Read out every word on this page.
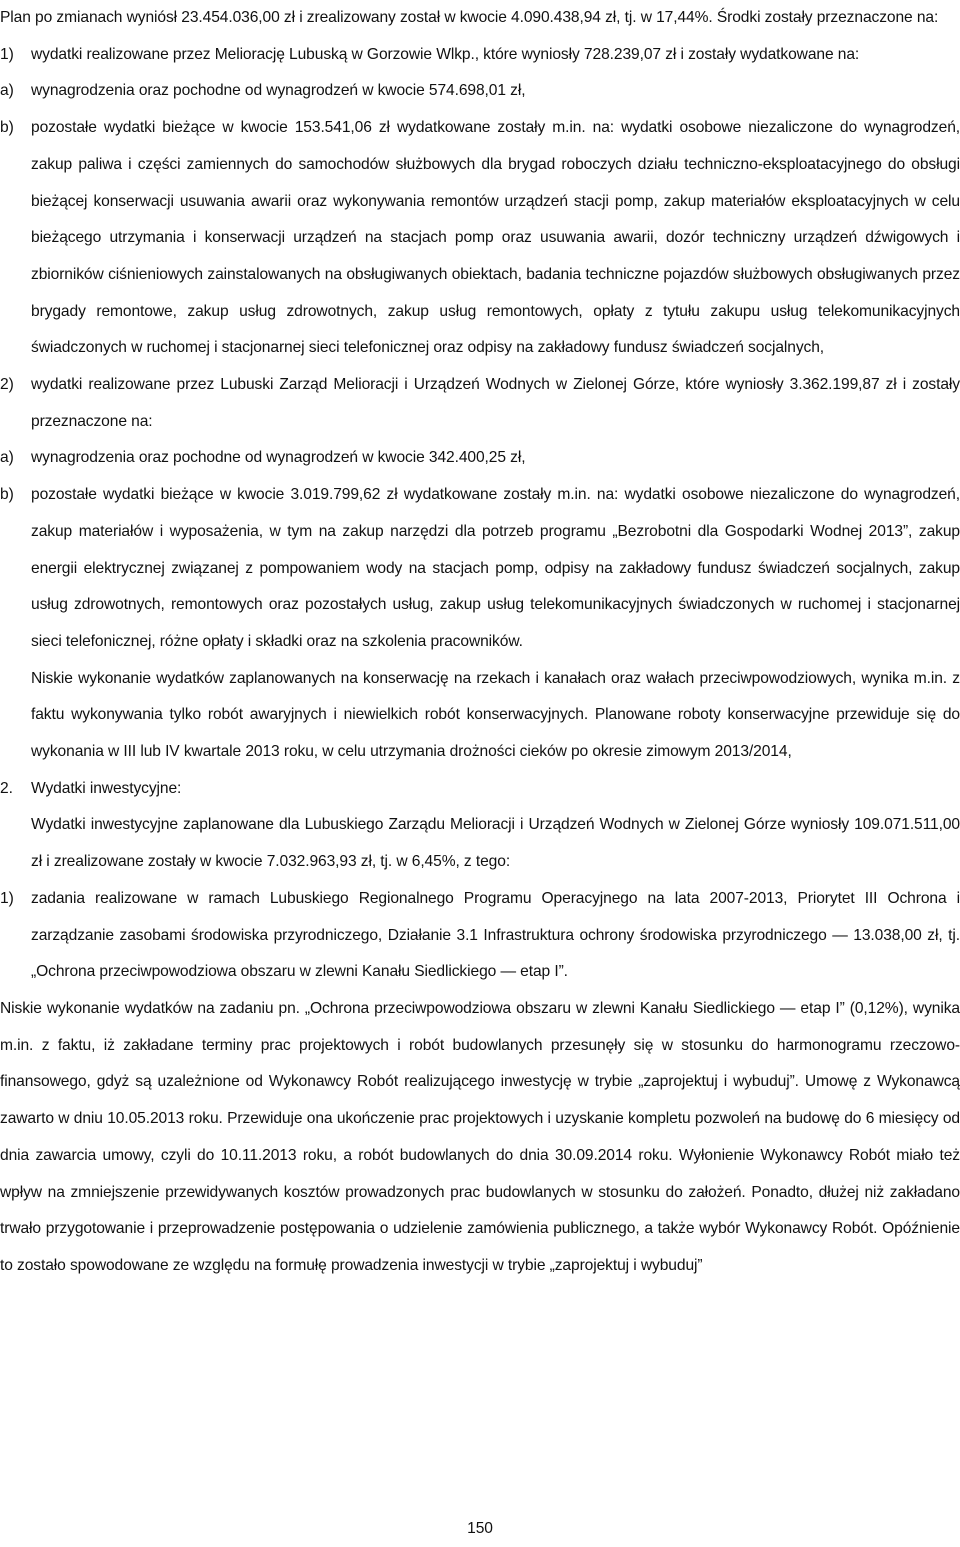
Plan po zmianach wyniósł 23.454.036,00 zł i zrealizowany został w kwocie 4.090.438,94 zł, tj. w 17,44%. Środki zostały przeznaczone na:

1) wydatki realizowane przez Meliorację Lubuską w Gorzowie Wlkp., które wyniosły 728.239,07 zł i zostały wydatkowane na:
a) wynagrodzenia oraz pochodne od wynagrodzeń w kwocie 574.698,01 zł,
b) pozostałe wydatki bieżące w kwocie 153.541,06 zł wydatkowane zostały m.in. na: wydatki osobowe niezaliczone do wynagrodzeń, zakup paliwa i części zamiennych do samochodów służbowych dla brygad roboczych działu techniczno-eksploatacyjnego do obsługi bieżącej konserwacji usuwania awarii oraz wykonywania remontów urządzeń stacji pomp, zakup materiałów eksploatacyjnych w celu bieżącego utrzymania i konserwacji urządzeń na stacjach pomp oraz usuwania awarii, dozór techniczny urządzeń dźwigowych i zbiorników ciśnieniowych zainstalowanych na obsługiwanych obiektach, badania techniczne pojazdów służbowych obsługiwanych przez brygady remontowe, zakup usług zdrowotnych, zakup usług remontowych, opłaty z tytułu zakupu usług telekomunikacyjnych świadczonych w ruchomej i stacjonarnej sieci telefonicznej oraz odpisy na zakładowy fundusz świadczeń socjalnych,
2) wydatki realizowane przez Lubuski Zarząd Melioracji i Urządzeń Wodnych w Zielonej Górze, które wyniosły 3.362.199,87 zł i zostały przeznaczone na:
a) wynagrodzenia oraz pochodne od wynagrodzeń w kwocie 342.400,25 zł,
b) pozostałe wydatki bieżące w kwocie 3.019.799,62 zł wydatkowane zostały m.in. na: wydatki osobowe niezaliczone do wynagrodzeń, zakup materiałów i wyposażenia, w tym na zakup narzędzi dla potrzeb programu „Bezrobotni dla Gospodarki Wodnej 2013”, zakup energii elektrycznej związanej z pompowaniem wody na stacjach pomp, odpisy na zakładowy fundusz świadczeń socjalnych, zakup usług zdrowotnych, remontowych oraz pozostałych usług, zakup usług telekomunikacyjnych świadczonych w ruchomej i stacjonarnej sieci telefonicznej, różne opłaty i składki oraz na szkolenia pracowników.

Niskie wykonanie wydatków zaplanowanych na konserwację na rzekach i kanałach oraz wałach przeciwpowodziowych, wynika m.in. z faktu wykonywania tylko robót awaryjnych i niewielkich robót konserwacyjnych. Planowane roboty konserwacyjne przewiduje się do wykonania w III lub IV kwartale 2013 roku, w celu utrzymania drożności cieków po okresie zimowym 2013/2014,

2. Wydatki inwestycyjne:

Wydatki inwestycyjne zaplanowane dla Lubuskiego Zarządu Melioracji i Urządzeń Wodnych w Zielonej Górze wyniosły 109.071.511,00 zł i zrealizowane zostały w kwocie 7.032.963,93 zł, tj. w 6,45%, z tego:

1) zadania realizowane w ramach Lubuskiego Regionalnego Programu Operacyjnego na lata 2007-2013, Priorytet III Ochrona i zarządzanie zasobami środowiska przyrodniczego, Działanie 3.1 Infrastruktura ochrony środowiska przyrodniczego — 13.038,00 zł, tj. „Ochrona przeciwpowodziowa obszaru w zlewni Kanału Siedlickiego — etap I”.

Niskie wykonanie wydatków na zadaniu pn. „Ochrona przeciwpowodziowa obszaru w zlewni Kanału Siedlickiego — etap I” (0,12%), wynika m.in. z faktu, iż zakładane terminy prac projektowych i robót budowlanych przesunęły się w stosunku do harmonogramu rzeczowo-finansowego, gdyż są uzależnione od Wykonawcy Robót realizującego inwestycję w trybie „zaprojektuj i wybuduj”. Umowę z Wykonawcą zawarto w dniu 10.05.2013 roku. Przewiduje ona ukończenie prac projektowych i uzyskanie kompletu pozwoleń na budowę do 6 miesięcy od dnia zawarcia umowy, czyli do 10.11.2013 roku, a robót budowlanych do dnia 30.09.2014 roku. Wyłonienie Wykonawcy Robót miało też wpływ na zmniejszenie przewidywanych kosztów prowadzonych prac budowlanych w stosunku do założeń. Ponadto, dłużej niż zakładano trwało przygotowanie i przeprowadzenie postępowania o udzielenie zamówienia publicznego, a także wybór Wykonawcy Robót. Opóźnienie to zostało spowodowane ze względu na formułę prowadzenia inwestycji w trybie „zaprojektuj i wybuduj”

150
